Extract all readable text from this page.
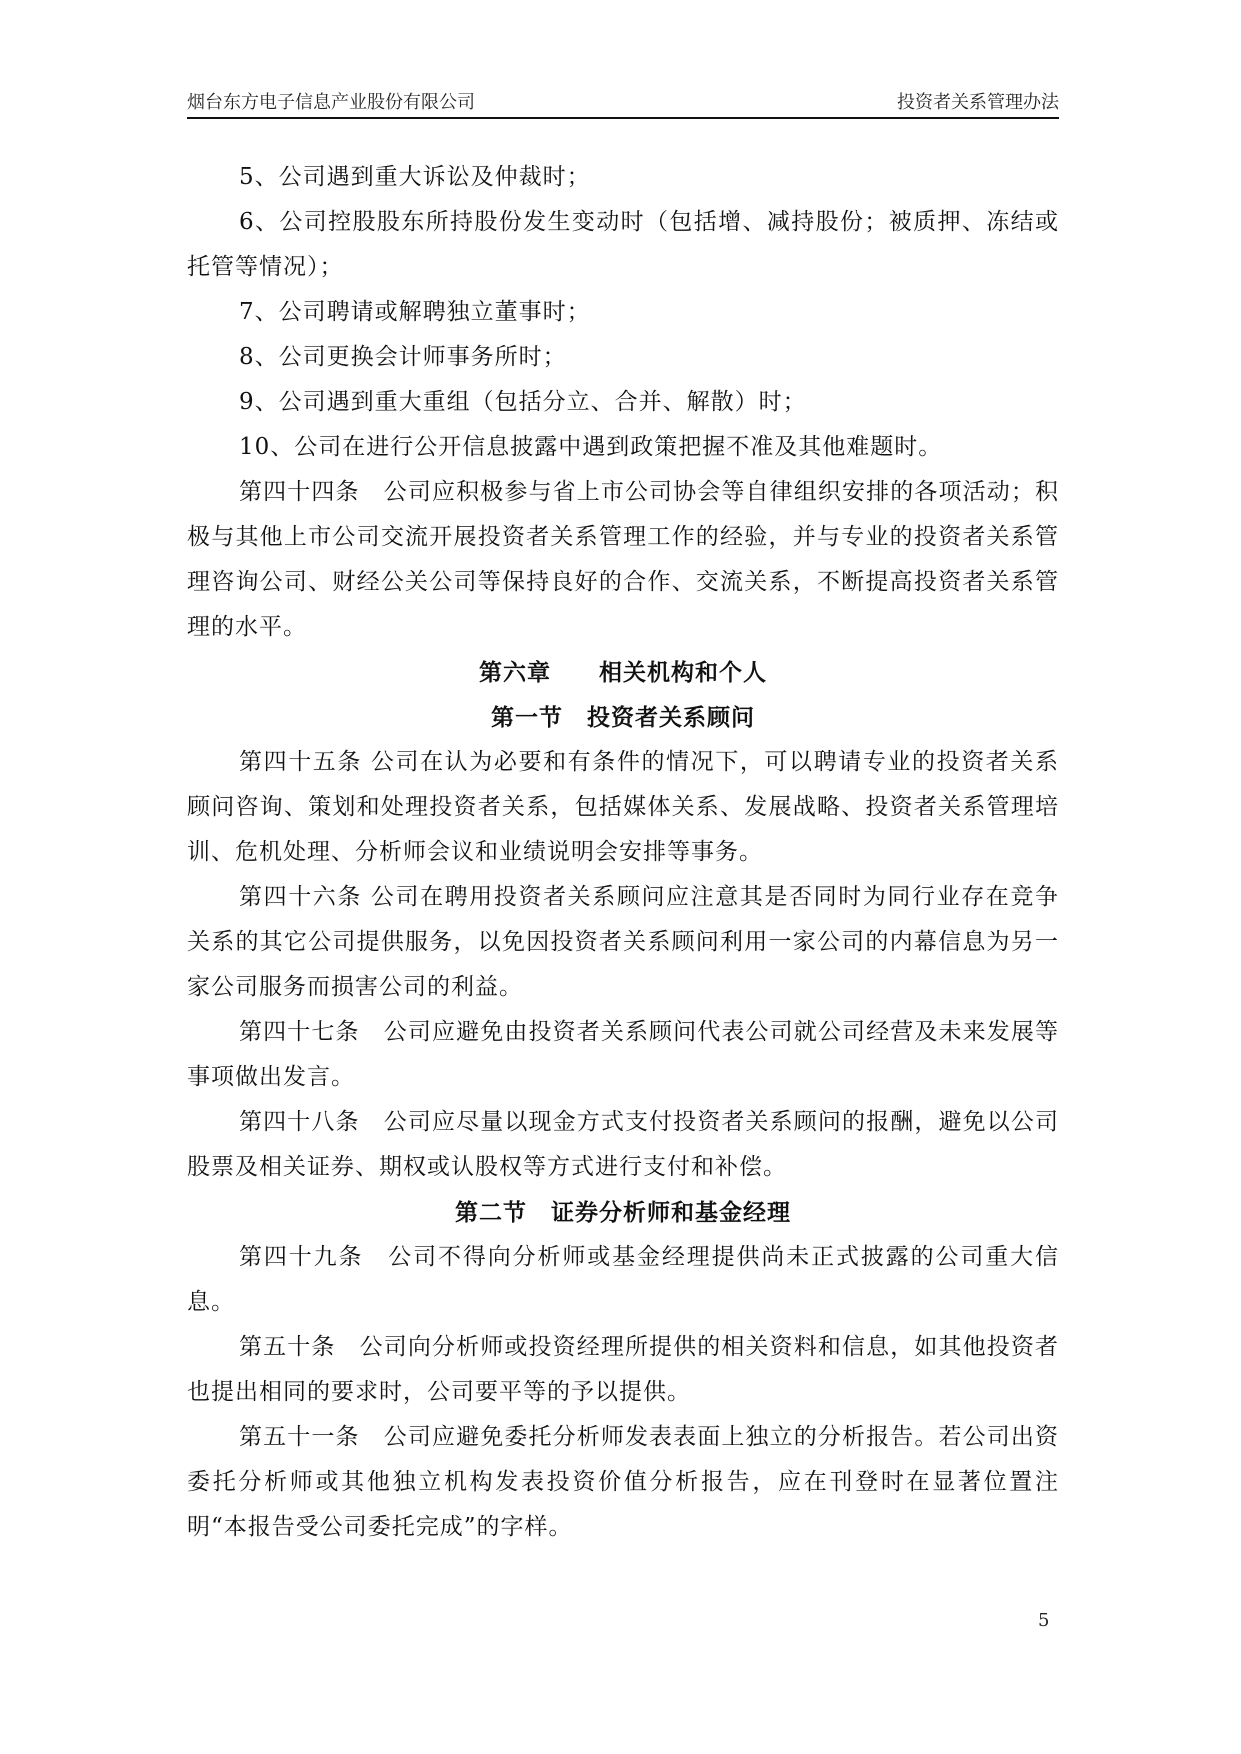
烟台东方电子信息产业股份有限公司	投资者关系管理办法

5、公司遇到重大诉讼及仲裁时；

6、公司控股股东所持股份发生变动时（包括增、减持股份；被质押、冻结或托管等情况）；

7、公司聘请或解聘独立董事时；

8、公司更换会计师事务所时；

9、公司遇到重大重组（包括分立、合并、解散）时；

10、公司在进行公开信息披露中遇到政策把握不准及其他难题时。

第四十四条　公司应积极参与省上市公司协会等自律组织安排的各项活动；积极与其他上市公司交流开展投资者关系管理工作的经验，并与专业的投资者关系管理咨询公司、财经公关公司等保持良好的合作、交流关系，不断提高投资者关系管理的水平。

第六章　　相关机构和个人

第一节　投资者关系顾问

第四十五条 公司在认为必要和有条件的情况下，可以聘请专业的投资者关系顾问咨询、策划和处理投资者关系，包括媒体关系、发展战略、投资者关系管理培训、危机处理、分析师会议和业绩说明会安排等事务。

第四十六条 公司在聘用投资者关系顾问应注意其是否同时为同行业存在竞争关系的其它公司提供服务，以免因投资者关系顾问利用一家公司的内幕信息为另一家公司服务而损害公司的利益。

第四十七条　公司应避免由投资者关系顾问代表公司就公司经营及未来发展等事项做出发言。

第四十八条　公司应尽量以现金方式支付投资者关系顾问的报酬，避免以公司股票及相关证券、期权或认股权等方式进行支付和补偿。

第二节　证券分析师和基金经理

第四十九条　公司不得向分析师或基金经理提供尚未正式披露的公司重大信息。

第五十条　公司向分析师或投资经理所提供的相关资料和信息，如其他投资者也提出相同的要求时，公司要平等的予以提供。

第五十一条　公司应避免委托分析师发表表面上独立的分析报告。若公司出资委托分析师或其他独立机构发表投资价值分析报告，应在刊登时在显著位置注明“本报告受公司委托完成”的字样。

5
